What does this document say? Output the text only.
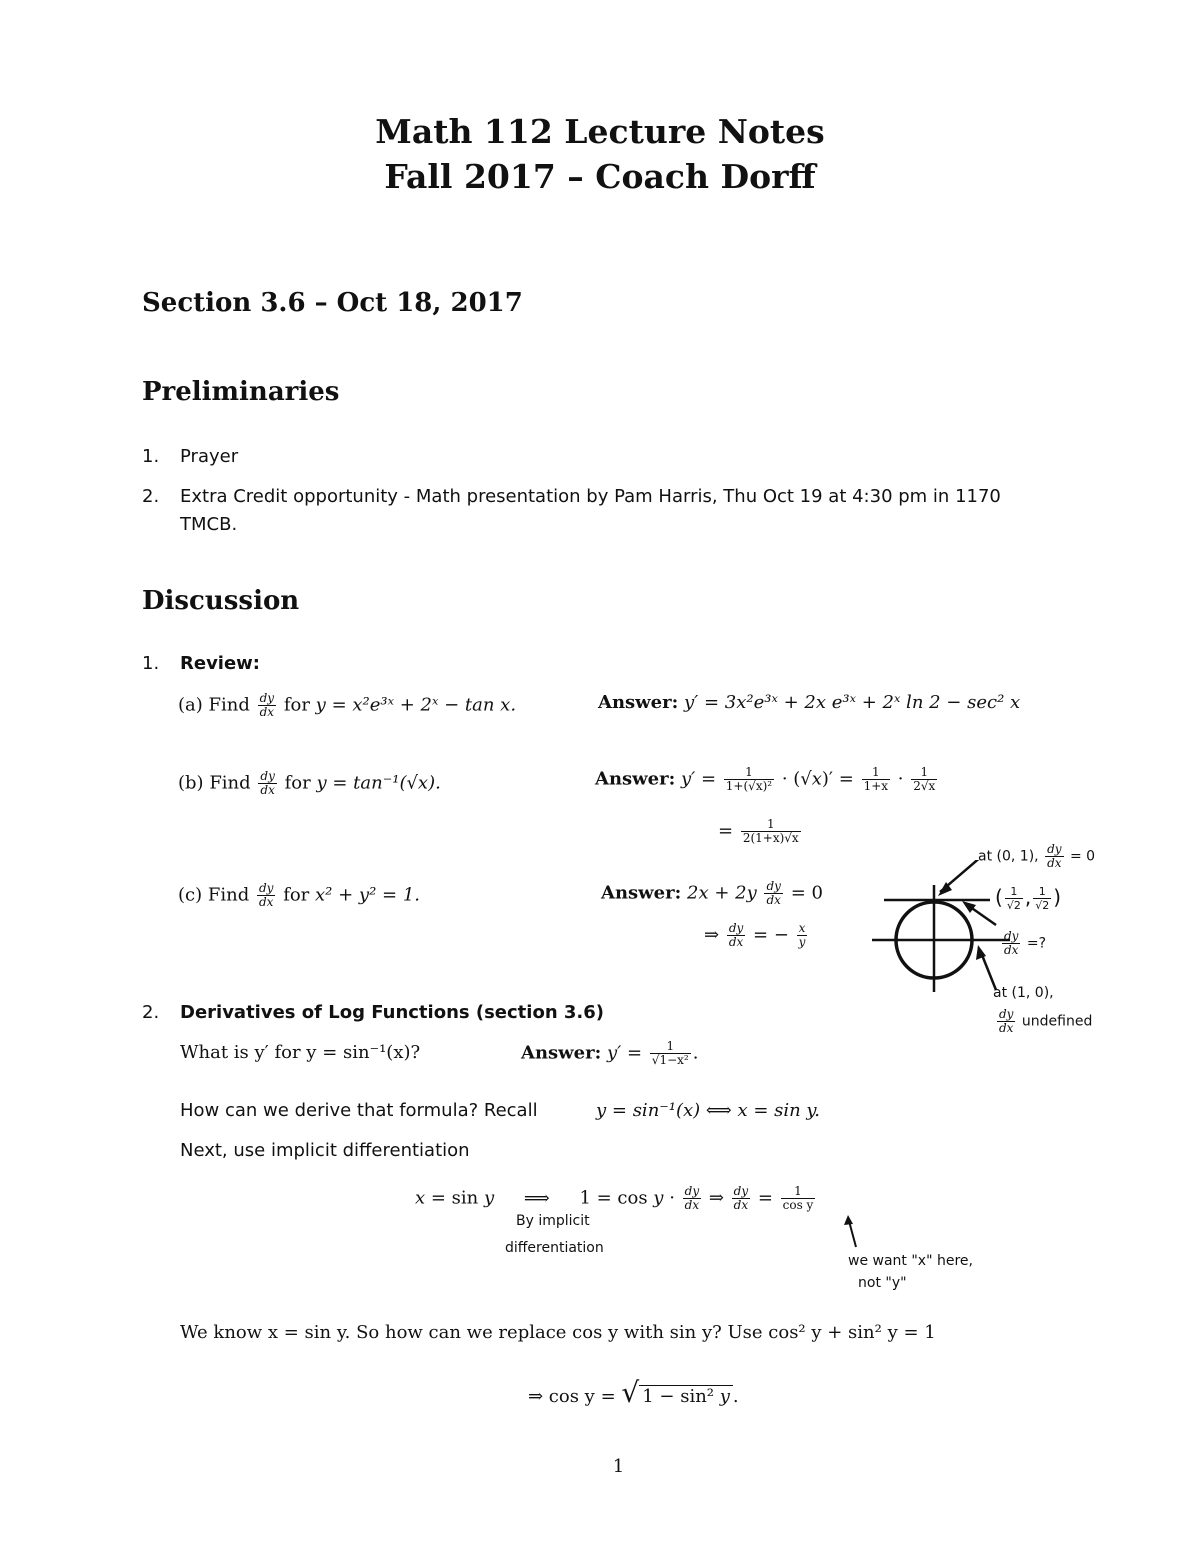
Math 112 Lecture Notes
Fall 2017 – Coach Dorff
Section 3.6 – Oct 18, 2017
Preliminaries
1. Prayer
2. Extra Credit opportunity - Math presentation by Pam Harris, Thu Oct 19 at 4:30 pm in 1170
TMCB.
Discussion
1. Review:
(a) Find $\frac{dy}{dx}$ for y = x²e³ˣ + 2ˣ − tan x.	Answer: y′ = 3x²e³ˣ + 2x e³ˣ + 2ˣ ln 2 − sec² x
(b) Find $\frac{dy}{dx}$ for y = tan⁻¹(√x).	Answer: $y' = \frac{1}{\text{1+(√x)²}} \cdot (√x)' = \frac{1}{1+x} \cdot \frac{1}{2√x}$
= $\frac{1}{2(1+x)√x}$
(c) Find $\frac{dy}{dx}$ for x² + y² = 1.	Answer: $2x + 2y \frac{dy}{dx} = 0$
⇒ $\frac{dy}{dx}$ = − $\frac{x}{y}$
at (0, 1), $\frac{dy}{dx} = 0$
( $\frac{1}{√2}$ , $\frac{1}{√2}$ )
$\frac{dy}{dx}$ =?
at (1, 0),
$\frac{dy}{dx}$ undefined
2. Derivatives of Log Functions (section 3.6)
What is y′ for y = sin⁻¹(x)?	Answer: $y' = \frac{1}{\text{√1−x²}}$ .
How can we derive that formula? Recall	y = sin⁻¹(x) ⟺ x = sin y.
Next, use implicit differentiation
x = sin y ⟹ $1 = \cos y \cdot \frac{dy}{dx}$ ⇒ $\frac{dy}{dx} = \frac{1}{\text{cos y}}$
By implicit
differentiation
we want "x" here,
not "y"
We know x = sin y. So how can we replace cos y with sin y? Use cos² y + sin² y = 1
⇒ cos y = √ 1 − sin² y .
1
